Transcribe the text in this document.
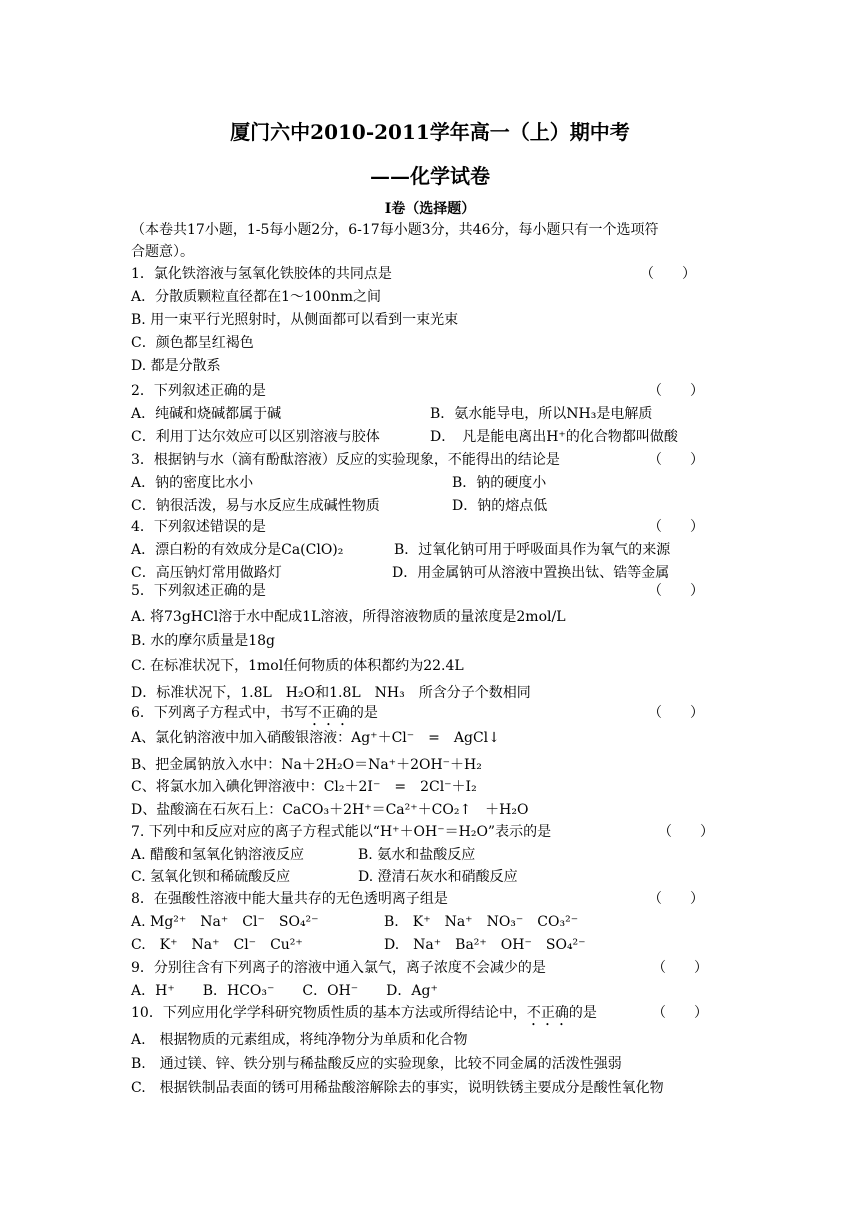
厦门六中2010-2011学年高一（上）期中考
——化学试卷
Ⅰ卷（选择题）
（本卷共17小题，1-5每小题2分，6-17每小题3分，共46分，每小题只有一个选项符
合题意）。
1．氯化铁溶液与氢氧化铁胶体的共同点是	（　　）
A．分散质颗粒直径都在1～100nm之间
B. 用一束平行光照射时，从侧面都可以看到一束光束
C．颜色都呈红褐色
D. 都是分散系
2．下列叙述正确的是	（　　）
A．纯碱和烧碱都属于碱	B．氨水能导电，所以NH₃是电解质
C．利用丁达尔效应可以区别溶液与胶体	D．　凡是能电离出H⁺的化合物都叫做酸
3．根据钠与水（滴有酚酞溶液）反应的实验现象，不能得出的结论是	（　　）
A．钠的密度比水小	B．钠的硬度小
C．钠很活泼，易与水反应生成碱性物质	D．钠的熔点低
4．下列叙述错误的是	（　　）
A．漂白粉的有效成分是Ca(ClO)₂	B．过氧化钠可用于呼吸面具作为氧气的来源
C．高压钠灯常用做路灯	D．用金属钠可从溶液中置换出钛、锆等金属
5．下列叙述正确的是	（　　）
A. 将73gHCl溶于水中配成1L溶液，所得溶液物质的量浓度是2mol/L
B. 水的摩尔质量是18g
C. 在标准状况下，1mol任何物质的体积都约为22.4L
D．标准状况下，1.8L　H₂O和1.8L　NH₃　所含分子个数相同
6．下列离子方程式中，书写不正确的是	（　　）
A、氯化钠溶液中加入硝酸银溶液：Ag⁺＋Cl⁻　=　AgCl↓
B、把金属钠放入水中：Na＋2H₂O＝Na⁺＋2OH⁻＋H₂
C、将氯水加入碘化钾溶液中：Cl₂＋2I⁻　=　2Cl⁻＋I₂
D、盐酸滴在石灰石上：CaCO₃＋2H⁺＝Ca²⁺＋CO₂↑　＋H₂O
7. 下列中和反应对应的离子方程式能以“H⁺＋OH⁻＝H₂O”表示的是	（　　）
A. 醋酸和氢氧化钠溶液反应	B. 氨水和盐酸反应
C. 氢氧化钡和稀硫酸反应	D. 澄清石灰水和硝酸反应
8．在强酸性溶液中能大量共存的无色透明离子组是	（　　）
A. Mg²⁺　Na⁺　Cl⁻　SO₄²⁻	B.　K⁺　Na⁺　NO₃⁻　CO₃²⁻
C.　K⁺　Na⁺　Cl⁻　Cu²⁺	D.　Na⁺　Ba²⁺　OH⁻　SO₄²⁻
9．分别往含有下列离子的溶液中通入氯气，离子浓度不会减少的是	（　　）
A．H⁺　　B．HCO₃⁻　　C．OH⁻　　D．Ag⁺
10．下列应用化学学科研究物质性质的基本方法或所得结论中，不正确的是	（　　）
A.　根据物质的元素组成，将纯净物分为单质和化合物
B.　通过镁、锌、铁分别与稀盐酸反应的实验现象，比较不同金属的活泼性强弱
C.　根据铁制品表面的锈可用稀盐酸溶解除去的事实，说明铁锈主要成分是酸性氧化物
